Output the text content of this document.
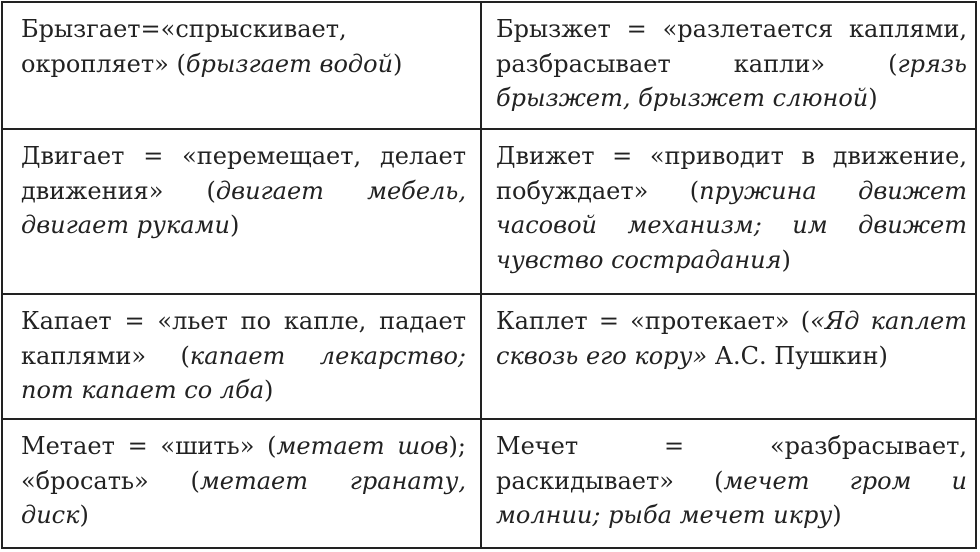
Брызгает=«спрыскивает, окропляет» (брызгает водой)
Брызжет = «разлетается каплями, разбрасывает капли» (грязь брызжет, брызжет слюной)
Двигает = «перемещает, делает движения» (двигает мебель, двигает руками)
Движет = «приводит в движение, побуждает» (пружина движет часовой механизм; им движет чувство сострадания)
Капает = «льет по капле, падает каплями» (капает лекарство; пот капает со лба)
Каплет = «протекает» («Яд каплет сквозь его кору» А.С. Пушкин)
Метает = «шить» (метает шов); «бросать» (метает гранату, диск)
Мечет = «разбрасывает, раскидывает» (мечет гром и молнии; рыба мечет икру)
